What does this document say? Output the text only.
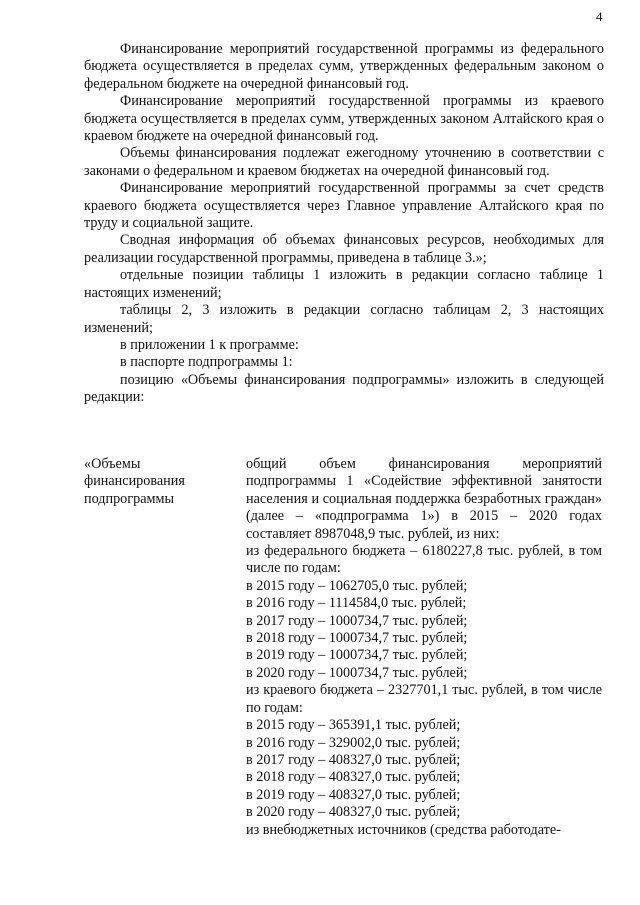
4

Финансирование мероприятий государственной программы из федерального бюджета осуществляется в пределах сумм, утвержденных федеральным законом о федеральном бюджете на очередной финансовый год.

Финансирование мероприятий государственной программы из краевого бюджета осуществляется в пределах сумм, утвержденных законом Алтайского края о краевом бюджете на очередной финансовый год.

Объемы финансирования подлежат ежегодному уточнению в соответствии с законами о федеральном и краевом бюджетах на очередной финансовый год.

Финансирование мероприятий государственной программы за счет средств краевого бюджета осуществляется через Главное управление Алтайского края по труду и социальной защите.

Сводная информация об объемах финансовых ресурсов, необходимых для реализации государственной программы, приведена в таблице 3.»;

отдельные позиции таблицы 1 изложить в редакции согласно таблице 1 настоящих изменений;

таблицы 2, 3 изложить в редакции согласно таблицам 2, 3 настоящих изменений;

в приложении 1 к программе:

в паспорте подпрограммы 1:

позицию «Объемы финансирования подпрограммы» изложить в следующей редакции:

«Объемы финансирования подпрограммы

общий объем финансирования мероприятий подпрограммы 1 «Содействие эффективной занятости населения и социальная поддержка безработных граждан» (далее – «подпрограмма 1») в 2015 – 2020 годах составляет 8987048,9 тыс. рублей, из них:

из федерального бюджета – 6180227,8 тыс. рублей, в том числе по годам:

в 2015 году – 1062705,0 тыс. рублей;

в 2016 году – 1114584,0 тыс. рублей;

в 2017 году – 1000734,7 тыс. рублей;

в 2018 году – 1000734,7 тыс. рублей;

в 2019 году – 1000734,7 тыс. рублей;

в 2020 году – 1000734,7 тыс. рублей;

из краевого бюджета – 2327701,1 тыс. рублей, в том числе по годам:

в 2015 году – 365391,1 тыс. рублей;

в 2016 году – 329002,0 тыс. рублей;

в 2017 году – 408327,0 тыс. рублей;

в 2018 году – 408327,0 тыс. рублей;

в 2019 году – 408327,0 тыс. рублей;

в 2020 году – 408327,0 тыс. рублей;

из внебюджетных источников (средства работодате-
